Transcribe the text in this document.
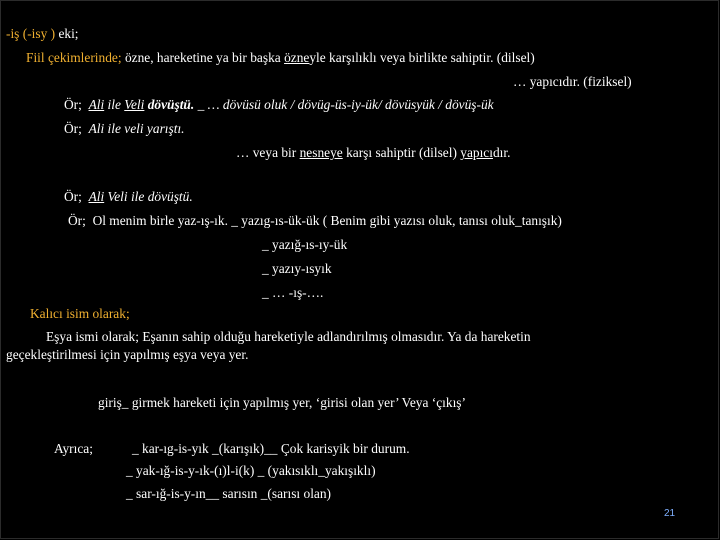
-iş (-isy ) eki;
Fiil çekimlerinde; özne, hareketine ya bir başka özneyle karşılıklı veya birlikte sahiptir. (dilsel)
… yapıcıdır. (fiziksel)
Ör; Ali ile Veli dövüştü. _ … dövüsü oluk / dövüg-üs-iy-ük/ dövüsyük / dövüş-ük
Ör; Ali ile veli yarıştı.
… veya bir nesneye karşı sahiptir (dilsel) yapıcıdır.
Ör; Ali Veli ile dövüştü.
Ör; Ol menim birle yaz-ış-ık. _ yazıg-ıs-ük-ük ( Benim gibi yazısı oluk, tanısı oluk_tanışık)
_ yazığ-ıs-ıy-ük
_ yazıy-ısyık
_ … -ış-….
Kalıcı isim olarak;
Eşya ismi olarak; Eşanın sahip olduğu hareketiyle adlandırılmış olmasıdır. Ya da hareketin
geçekleştirilmesi için yapılmış eşya veya yer.
giriş_ girmek hareketi için yapılmış yer, ‘girisi olan yer’ Veya ‘çıkış’
Ayrıca;	_ kar-ıg-is-yık _(karışık)__ Çok karisyik bir durum.
_ yak-ığ-is-y-ık-(ı)l-i(k) _ (yakısıklı_yakışıklı)
_ sar-ığ-is-y-ın__ sarısın _(sarısı olan)
21
